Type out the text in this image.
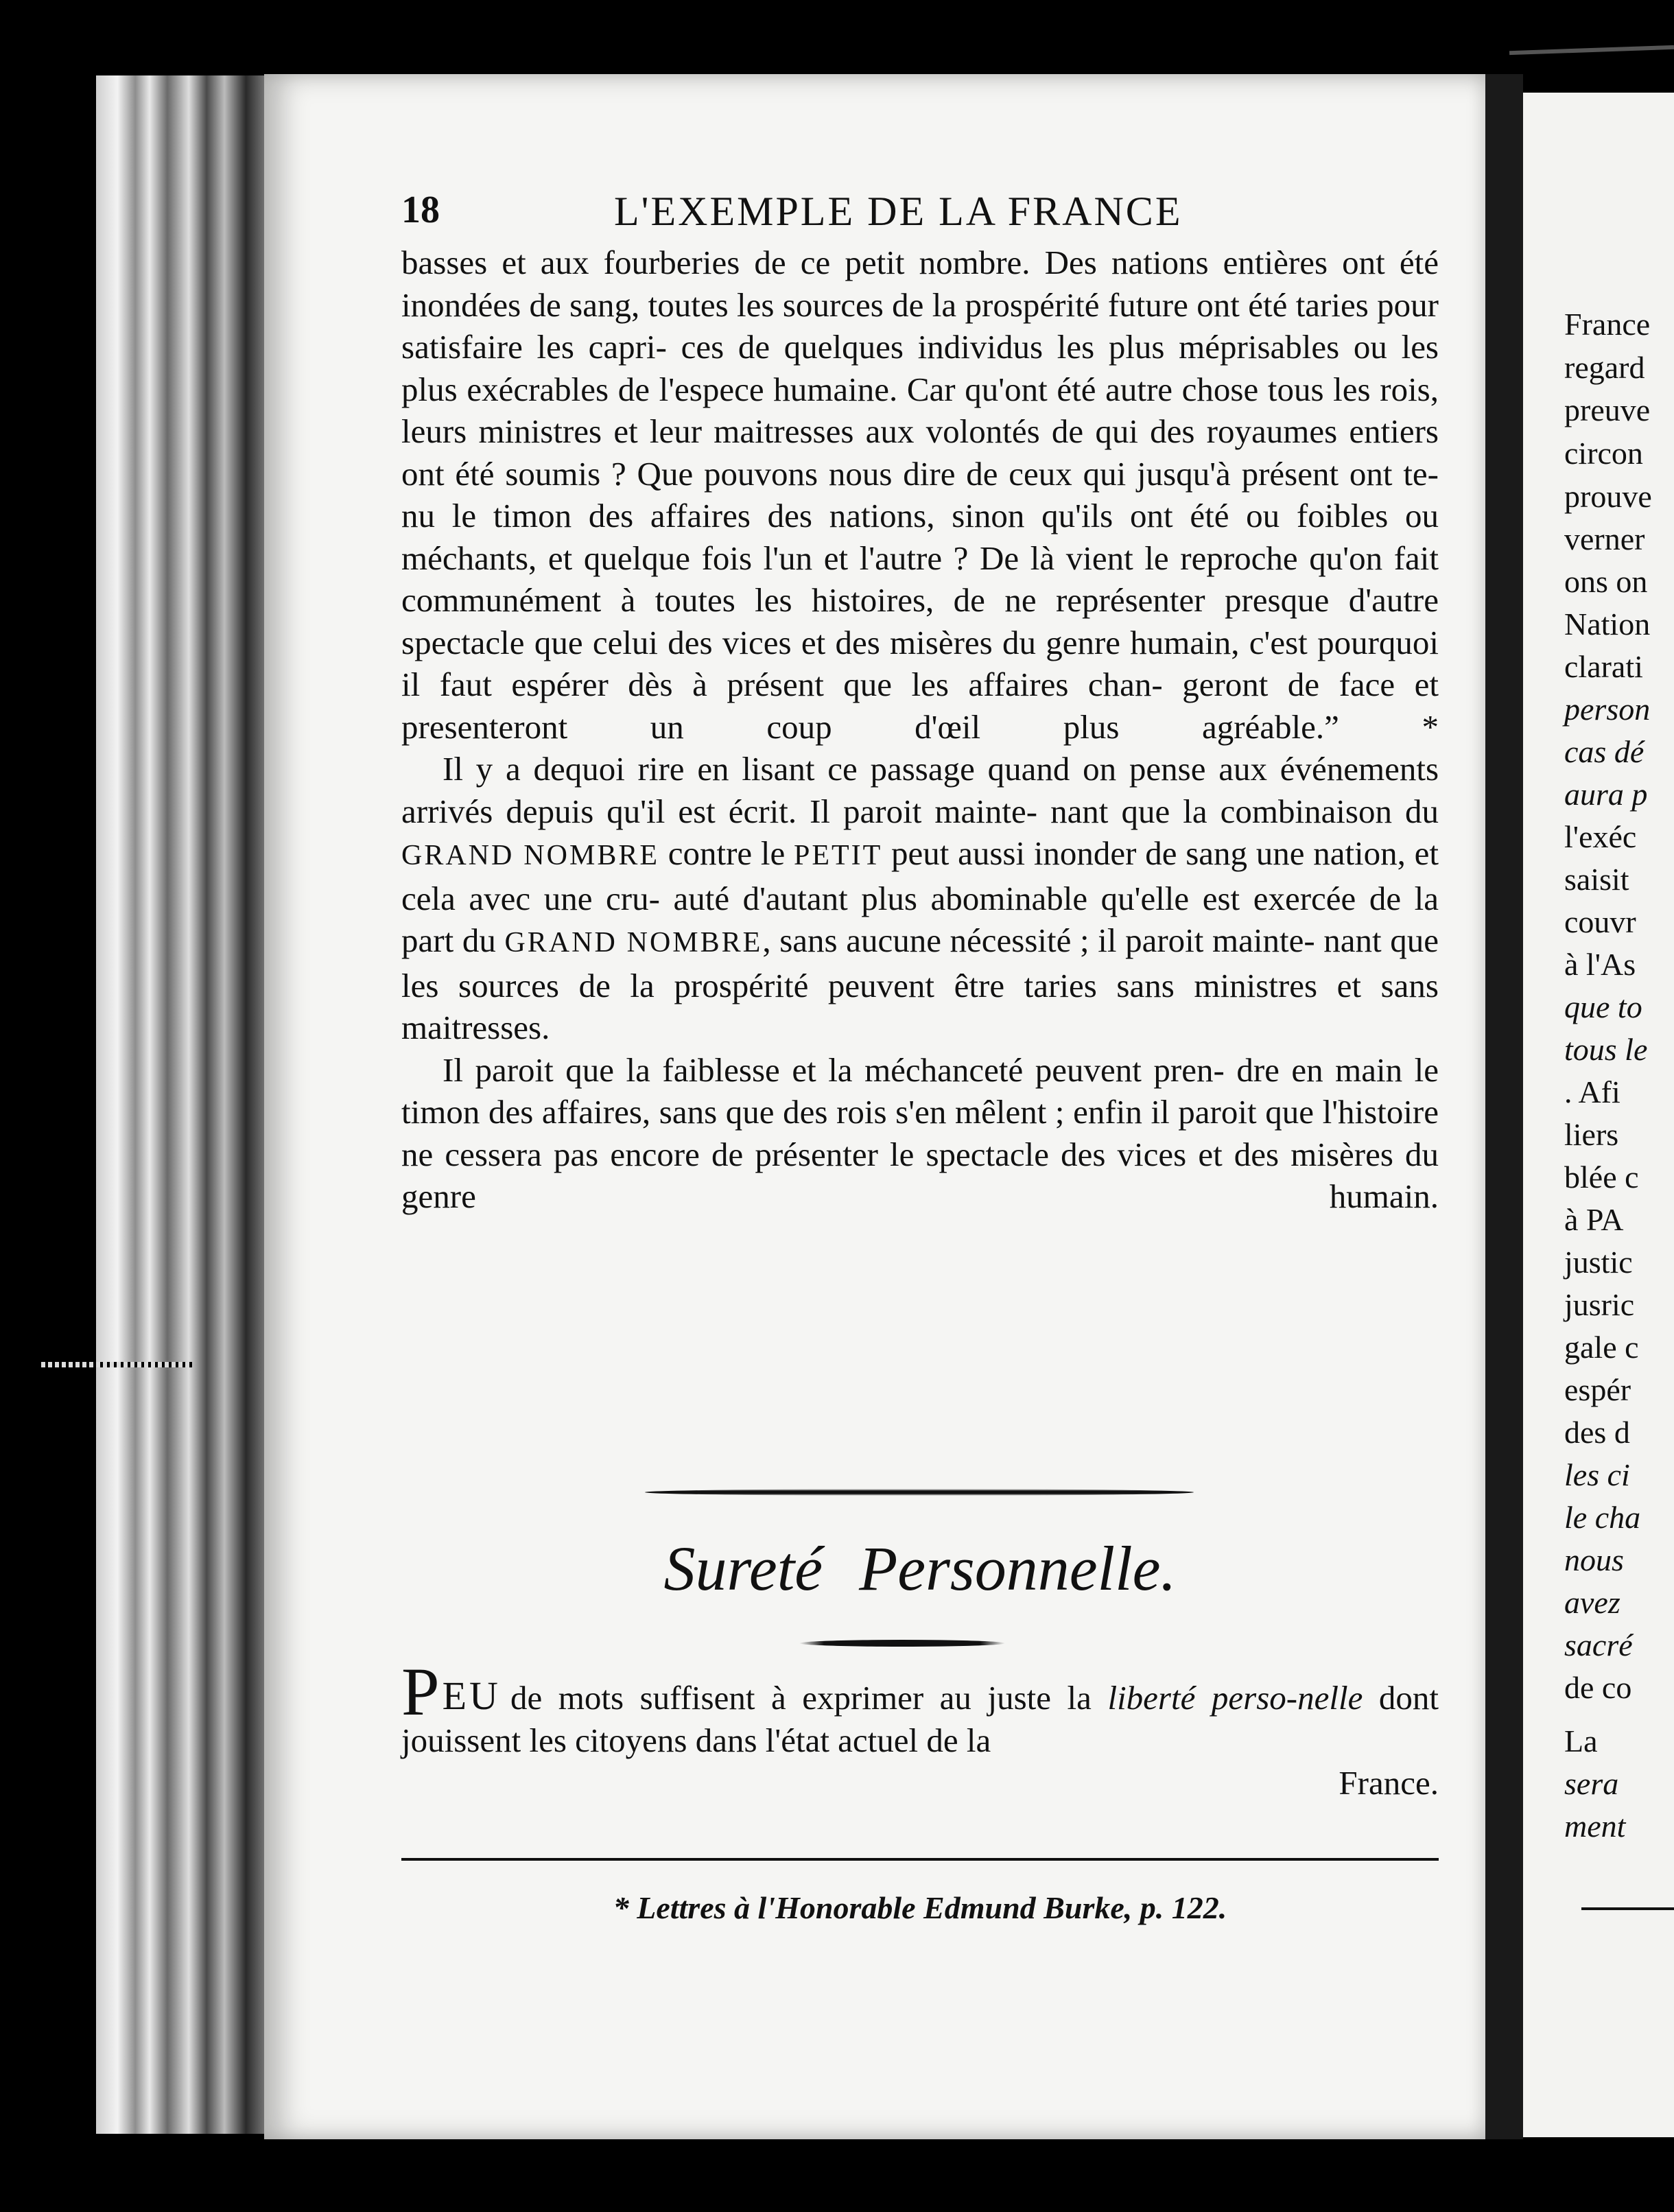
France
regard
preuve
circon
prouve
verner
ons on
Nation
clarati
person
cas dé
aura p
l'exéc
saisit
couvr
à l'As
que to
tous le
. Afi
liers
blée c
à PA
justic
jusric
gale c
espér
des d
les ci
le cha
nous
avez
sacré
de co
La
sera
ment
18	L'EXEMPLE DE LA FRANCE

basses et aux fourberies de ce petit nombre. Des nations entières ont été inondées de sang, toutes les sources de la prospérité future ont été taries pour satisfaire les capri- ces de quelques individus les plus méprisables ou les plus exécrables de l'espece humaine. Car qu'ont été autre chose tous les rois, leurs ministres et leur maitresses aux volontés de qui des royaumes entiers ont été soumis ? Que pouvons nous dire de ceux qui jusqu'à présent ont te- nu le timon des affaires des nations, sinon qu'ils ont été ou foibles ou méchants, et quelque fois l'un et l'autre ? De là vient le reproche qu'on fait communément à toutes les histoires, de ne représenter presque d'autre spectacle que celui des vices et des misères du genre humain, c'est pourquoi il faut espérer dès à présent que les affaires chan- geront de face et presenteront un coup d'œil plus agréable.” *

Il y a dequoi rire en lisant ce passage quand on pense aux événements arrivés depuis qu'il est écrit. Il paroit mainte- nant que la combinaison du GRAND NOMBRE contre le PETIT peut aussi inonder de sang une nation, et cela avec une cru- auté d'autant plus abominable qu'elle est exercée de la part du GRAND NOMBRE, sans aucune nécessité ; il paroit mainte- nant que les sources de la prospérité peuvent être taries sans ministres et sans maitresses.

Il paroit que la faiblesse et la méchanceté peuvent pren- dre en main le timon des affaires, sans que des rois s'en mêlent ; enfin il paroit que l'histoire ne cessera pas encore de présenter le spectacle des vices et des misères du genre	humain.

Sureté Personnelle.
PEU de mots suffisent à exprimer au juste la liberté perso-nelle dont jouissent les citoyens dans l'état actuel de la
France.
* Lettres à l'Honorable Edmund Burke, p. 122.
